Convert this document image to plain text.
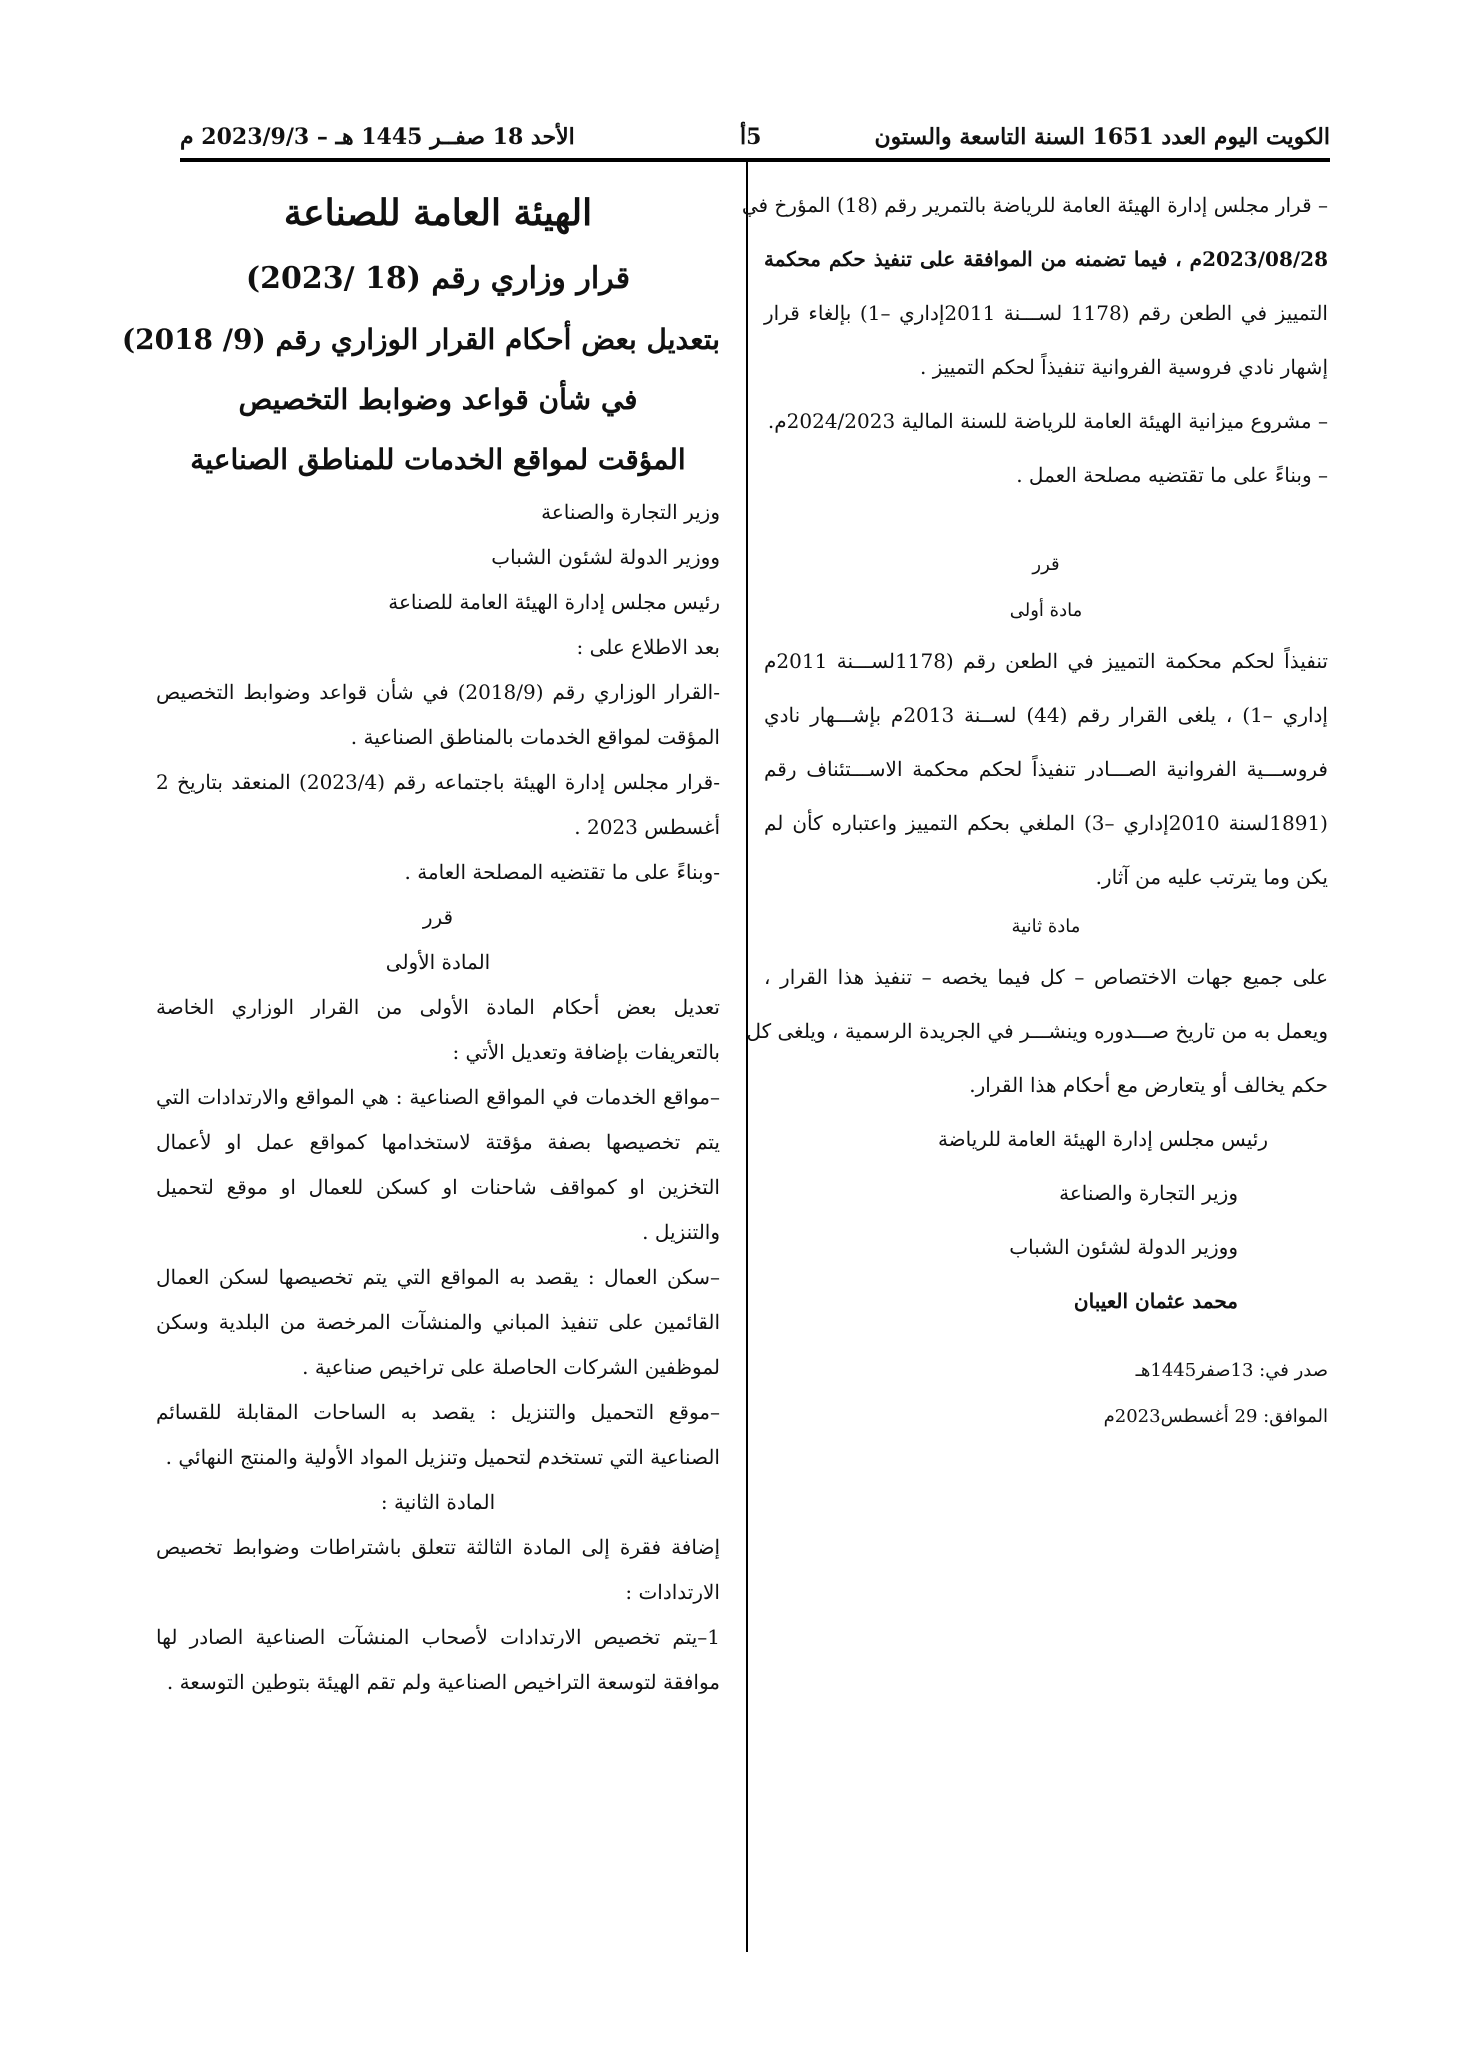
الكويت اليوم العدد 1651 السنة التاسعة والستون
5أ
الأحد 18 صفــر 1445 هـ – 2023/9/3 م
– قرار مجلس إدارة الهيئة العامة للرياضة بالتمرير رقم (18) المؤرخ في
2023/08/28م ، فيما تضمنه من الموافقة على تنفيذ حكم محكمة
التمييز في الطعن رقم (1178 لســـنة 2011إداري –1) بإلغاء قرار
إشهار نادي فروسية الفروانية تنفيذاً لحكم التمييز .
– مشروع ميزانية الهيئة العامة للرياضة للسنة المالية 2024/2023م.
– وبناءً على ما تقتضيه مصلحة العمل .
قرر
مادة أولى
تنفيذاً لحكم محكمة التمييز في الطعن رقم (1178لســـنة 2011م
إداري –1) ، يلغى القرار رقم (44) لســنة 2013م بإشـــهار نادي
فروســـية الفروانية الصـــادر تنفيذاً لحكم محكمة الاســـتئناف رقم
(1891لسنة 2010إداري –3) الملغي بحكم التمييز واعتباره كأن لم
يكن وما يترتب عليه من آثار.
مادة ثانية
على جميع جهات الاختصاص – كل فيما يخصه – تنفيذ هذا القرار ،
ويعمل به من تاريخ صـــدوره وينشـــر في الجريدة الرسمية ، ويلغى كل
حكم يخالف أو يتعارض مع أحكام هذا القرار.
رئيس مجلس إدارة الهيئة العامة للرياضة
وزير التجارة والصناعة
ووزير الدولة لشئون الشباب
محمد عثمان العيبان
صدر في: 13صفر1445هـ
الموافق: 29 أغسطس2023م
الهيئة العامة للصناعة
قرار وزاري رقم (18 /2023)
بتعديل بعض أحكام القرار الوزاري رقم (9/ 2018)
في شأن قواعد وضوابط التخصيص
المؤقت لمواقع الخدمات للمناطق الصناعية
وزير التجارة والصناعة
ووزير الدولة لشئون الشباب
رئيس مجلس إدارة الهيئة العامة للصناعة
بعد الاطلاع على :
-القرار الوزاري رقم (2018/9) في شأن قواعد وضوابط التخصيص
المؤقت لمواقع الخدمات بالمناطق الصناعية .
-قرار مجلس إدارة الهيئة باجتماعه رقم (2023/4) المنعقد بتاريخ 2
أغسطس 2023 .
-وبناءً على ما تقتضيه المصلحة العامة .
قرر
المادة الأولى
تعديل بعض أحكام المادة الأولى من القرار الوزاري الخاصة
بالتعريفات بإضافة وتعديل الأتي :
–مواقع الخدمات في المواقع الصناعية : هي المواقع والارتدادات التي
يتم تخصيصها بصفة مؤقتة لاستخدامها كمواقع عمل او لأعمال
التخزين او كمواقف شاحنات او كسكن للعمال او موقع لتحميل
والتنزيل .
–سكن العمال : يقصد به المواقع التي يتم تخصيصها لسكن العمال
القائمين على تنفيذ المباني والمنشآت المرخصة من البلدية وسكن
لموظفين الشركات الحاصلة على تراخيص صناعية .
–موقع التحميل والتنزيل : يقصد به الساحات المقابلة للقسائم
الصناعية التي تستخدم لتحميل وتنزيل المواد الأولية والمنتج النهائي .
المادة الثانية :
إضافة فقرة إلى المادة الثالثة تتعلق باشتراطات وضوابط تخصيص
الارتدادات :
1–يتم تخصيص الارتدادات لأصحاب المنشآت الصناعية الصادر لها
موافقة لتوسعة التراخيص الصناعية ولم تقم الهيئة بتوطين التوسعة .
